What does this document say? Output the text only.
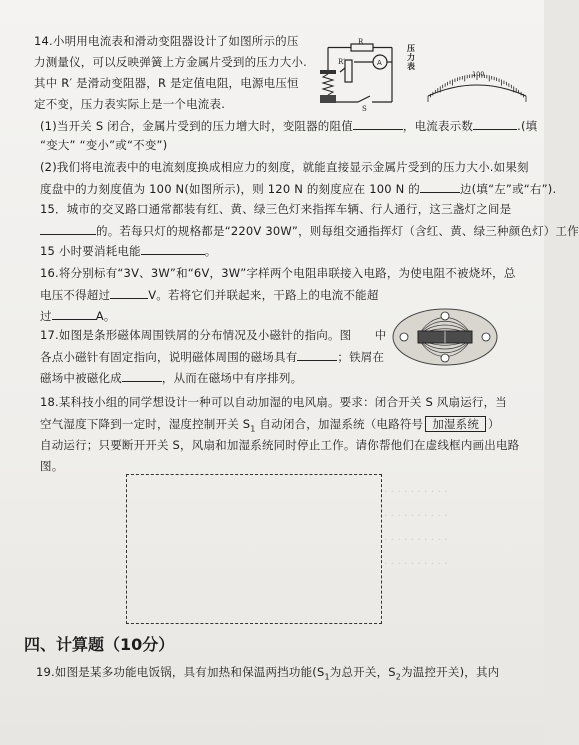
14.小明用电流表和滑动变阻器设计了如图所示的压
力测量仪，可以反映弹簧上方金属片受到的压力大小.
其中 R′ 是滑动变阻器，R 是定值电阻，电源电压恒
定不变，压力表实际上是一个电流表.
R
R′	A
S
压力表
100
(1)当开关 S 闭合，金属片受到的压力增大时，变阻器的阻值	，电流表示数	.(填
“变大” “变小”或“不变”)
(2)我们将电流表中的电流刻度换成相应力的刻度，就能直接显示金属片受到的压力大小.如果刻
度盘中的力刻度值为 100 N(如图所示)，则 120 N 的刻度应在 100 N 的	边(填“左”或“右”).
15．城市的交叉路口通常都装有红、黄、绿三色灯来指挥车辆、行人通行，这三盏灯之间是
的。若每只灯的规格都是“220V 30W”，则每组交通指挥灯（含红、黄、绿三种颜色灯）工作
15 小时要消耗电能	。
16.将分别标有“3V、3W”和“6V，3W”字样两个电阻串联接入电路，为使电阻不被烧坏，总
电压不得超过	V。若将它们并联起来，干路上的电流不能超
过	A。
17.如图是条形磁体周围铁屑的分布情况及小磁针的指向。图　　中
各点小磁针有固定指向，说明磁体周围的磁场具有	；铁屑在
磁场中被磁化成	，从而在磁场中有序排列。
18.某科技小组的同学想设计一种可以自动加湿的电风扇。要求：闭合开关 S 风扇运行，当
空气湿度下降到一定时，湿度控制开关 $S_1$ 自动闭合，加湿系统（电路符号 加湿系统 ）
自动运行；只要断开开关 S，风扇和加湿系统同时停止工作。请你帮他们在虚线框内画出电路
图。
· · · · · · · · · ·
· · · · · · · · · ·
· · · · · · · · · ·
· · · · · · · · · ·
四、计算题（10分）
19.如图是某多功能电饭锅，具有加热和保温两挡功能($S_1$为总开关，$S_2$为温控开关)，其内
